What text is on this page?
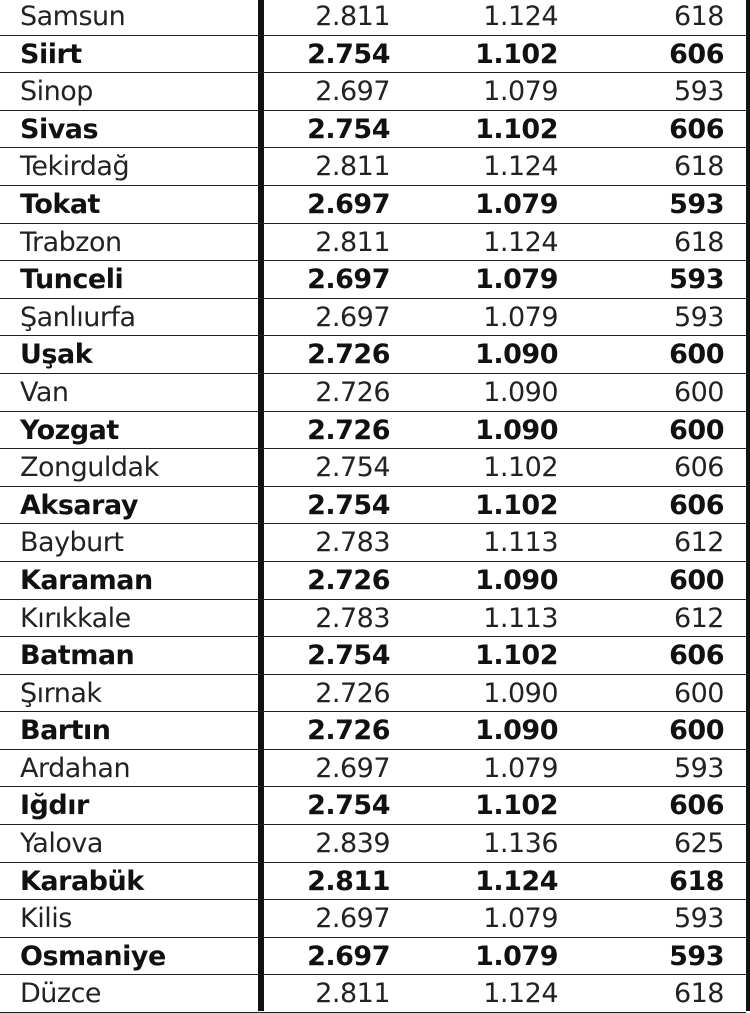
Samsun	2.811	1.124	618
Siirt	2.754	1.102	606
Sinop	2.697	1.079	593
Sivas	2.754	1.102	606
Tekirdağ	2.811	1.124	618
Tokat	2.697	1.079	593
Trabzon	2.811	1.124	618
Tunceli	2.697	1.079	593
Şanlıurfa	2.697	1.079	593
Uşak	2.726	1.090	600
Van	2.726	1.090	600
Yozgat	2.726	1.090	600
Zonguldak	2.754	1.102	606
Aksaray	2.754	1.102	606
Bayburt	2.783	1.113	612
Karaman	2.726	1.090	600
Kırıkkale	2.783	1.113	612
Batman	2.754	1.102	606
Şırnak	2.726	1.090	600
Bartın	2.726	1.090	600
Ardahan	2.697	1.079	593
Iğdır	2.754	1.102	606
Yalova	2.839	1.136	625
Karabük	2.811	1.124	618
Kilis	2.697	1.079	593
Osmaniye	2.697	1.079	593
Düzce	2.811	1.124	618
